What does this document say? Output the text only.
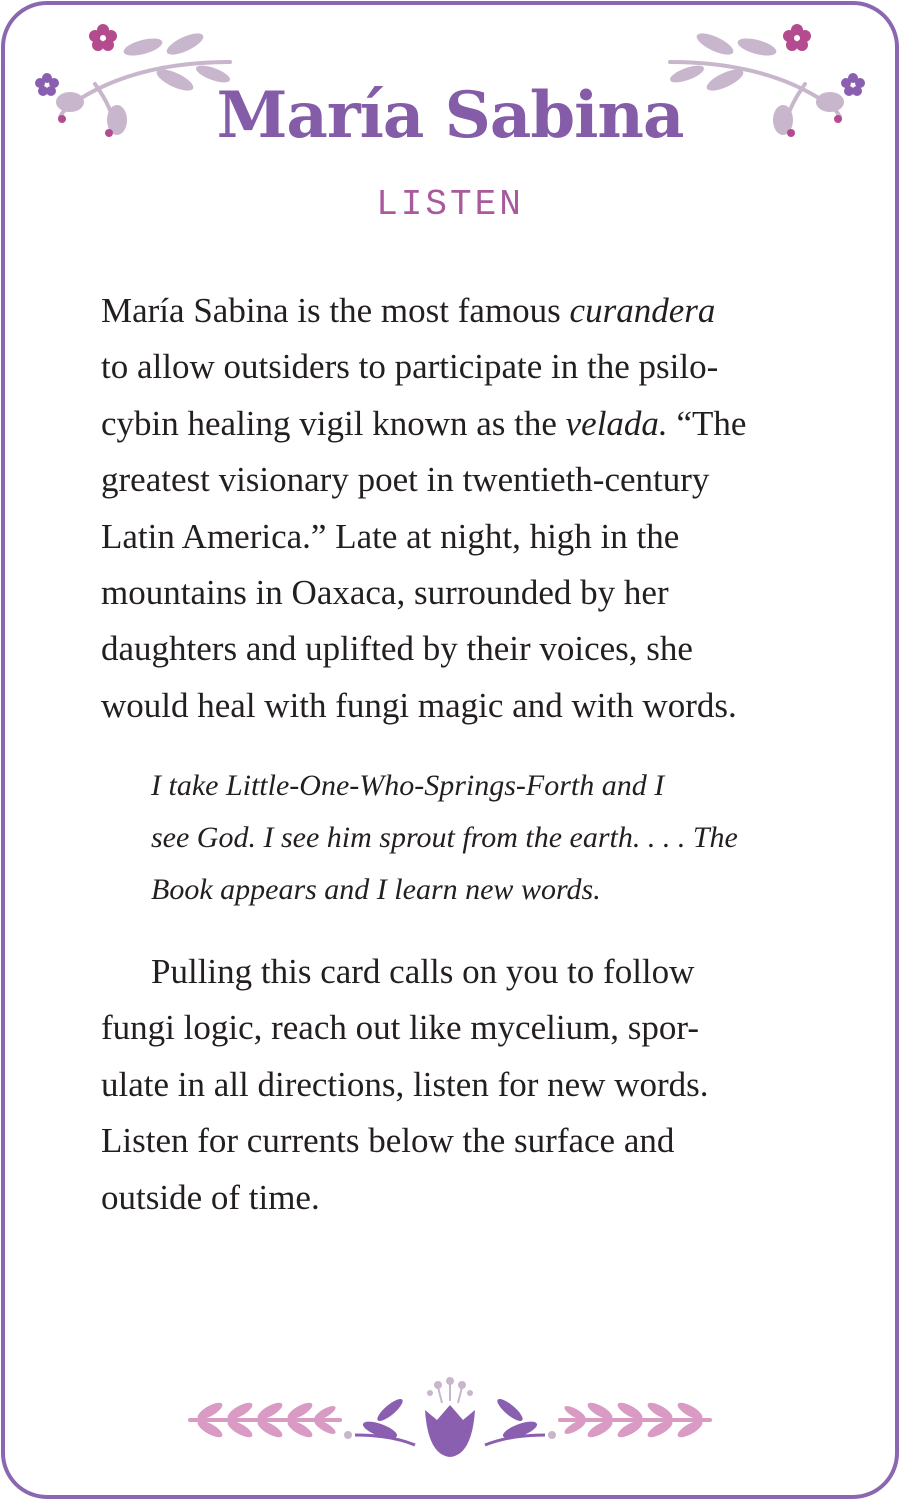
María Sabina
LISTEN
María Sabina is the most famous curandera
to allow outsiders to participate in the psilo-
cybin healing vigil known as the velada. “The
greatest visionary poet in twentieth-century
Latin America.” Late at night, high in the
mountains in Oaxaca, surrounded by her
daughters and uplifted by their voices, she
would heal with fungi magic and with words.
I take Little-One-Who-Springs-Forth and I
see God. I see him sprout from the earth. . . . The
Book appears and I learn new words.
Pulling this card calls on you to follow
fungi logic, reach out like mycelium, spor-
ulate in all directions, listen for new words.
Listen for currents below the surface and
outside of time.
